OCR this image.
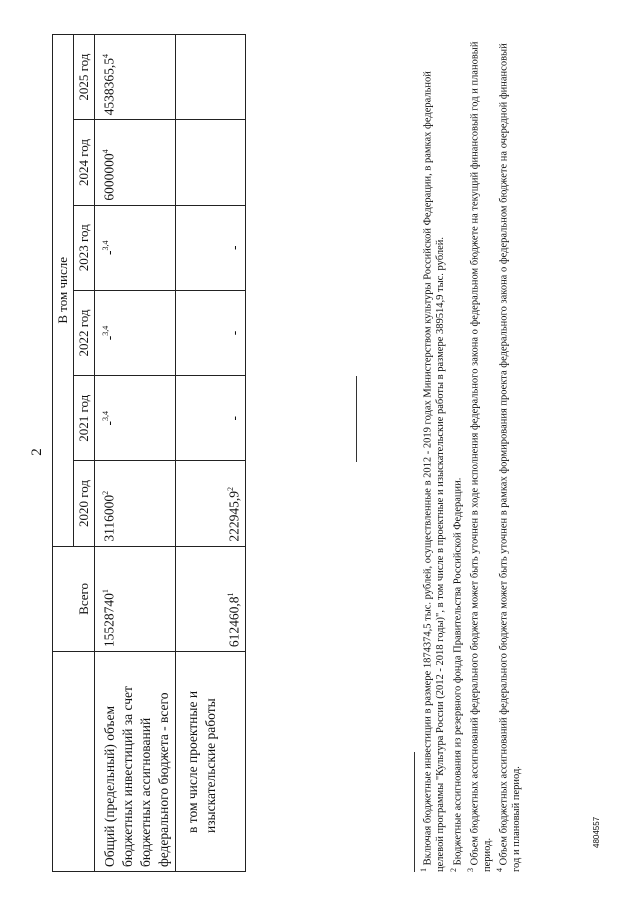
2
	Всего	В том числе					
		2020 год	2021 год	2022 год	2023 год	2024 год	2025 год
Общий (предельный) объем бюджетных инвестиций за счет бюджетных ассигнований федерального бюджета - всего	15528740$^1$	3116000$^2$	-$^{3,4}$	-$^{3,4}$	-$^{3,4}$	6000000$^4$	4538365,5$^4$
в том числе проектные и изыскательские работы	612460,8$^1$	222945,9$^2$	-	-	-		

$^1$ Включая бюджетные инвестиции в размере 1874374,5 тыс. рублей, осуществленные в 2012 - 2019 годах Министерством культуры Российской Федерации, в рамках федеральной целевой программы "Культура России (2012 - 2018 годы)", в том числе в проектные и изыскательские работы в размере 389514,9 тыс. рублей. $^2$ Бюджетные ассигнования из резервного фонда Правительства Российской Федерации.

$^3$ Объем бюджетных ассигнований федерального бюджета может быть уточнен в ходе исполнения федерального закона о федеральном бюджете на текущий финансовый год и плановый период. $^4$ Объем бюджетных ассигнований федерального бюджета может быть уточнен в рамках формирования проекта федерального закона о федеральном бюджете на очередной финансовый год и плановый период.	4804557
